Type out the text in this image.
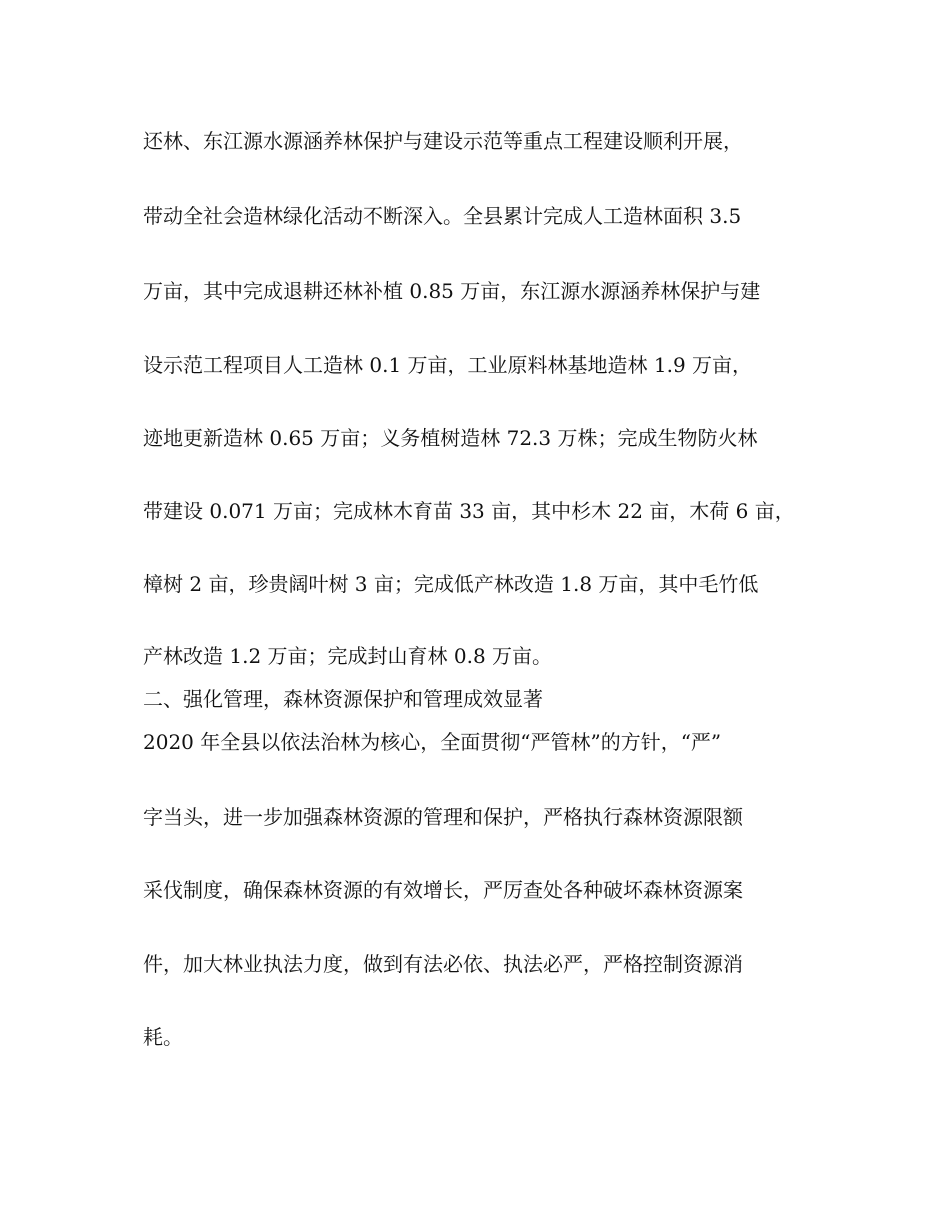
还林、东江源水源涵养林保护与建设示范等重点工程建设顺利开展，
带动全社会造林绿化活动不断深入。全县累计完成人工造林面积 3.5
万亩，其中完成退耕还林补植 0.85 万亩，东江源水源涵养林保护与建
设示范工程项目人工造林 0.1 万亩，工业原料林基地造林 1.9 万亩，
迹地更新造林 0.65 万亩；义务植树造林 72.3 万株；完成生物防火林
带建设 0.071 万亩；完成林木育苗 33 亩，其中杉木 22 亩，木荷 6 亩，
樟树 2 亩，珍贵阔叶树 3 亩；完成低产林改造 1.8 万亩，其中毛竹低
产林改造 1.2 万亩；完成封山育林 0.8 万亩。
二、强化管理，森林资源保护和管理成效显著
2020 年全县以依法治林为核心，全面贯彻“严管林”的方针，“严”
字当头，进一步加强森林资源的管理和保护，严格执行森林资源限额
采伐制度，确保森林资源的有效增长，严厉查处各种破坏森林资源案
件，加大林业执法力度，做到有法必依、执法必严，严格控制资源消
耗。
